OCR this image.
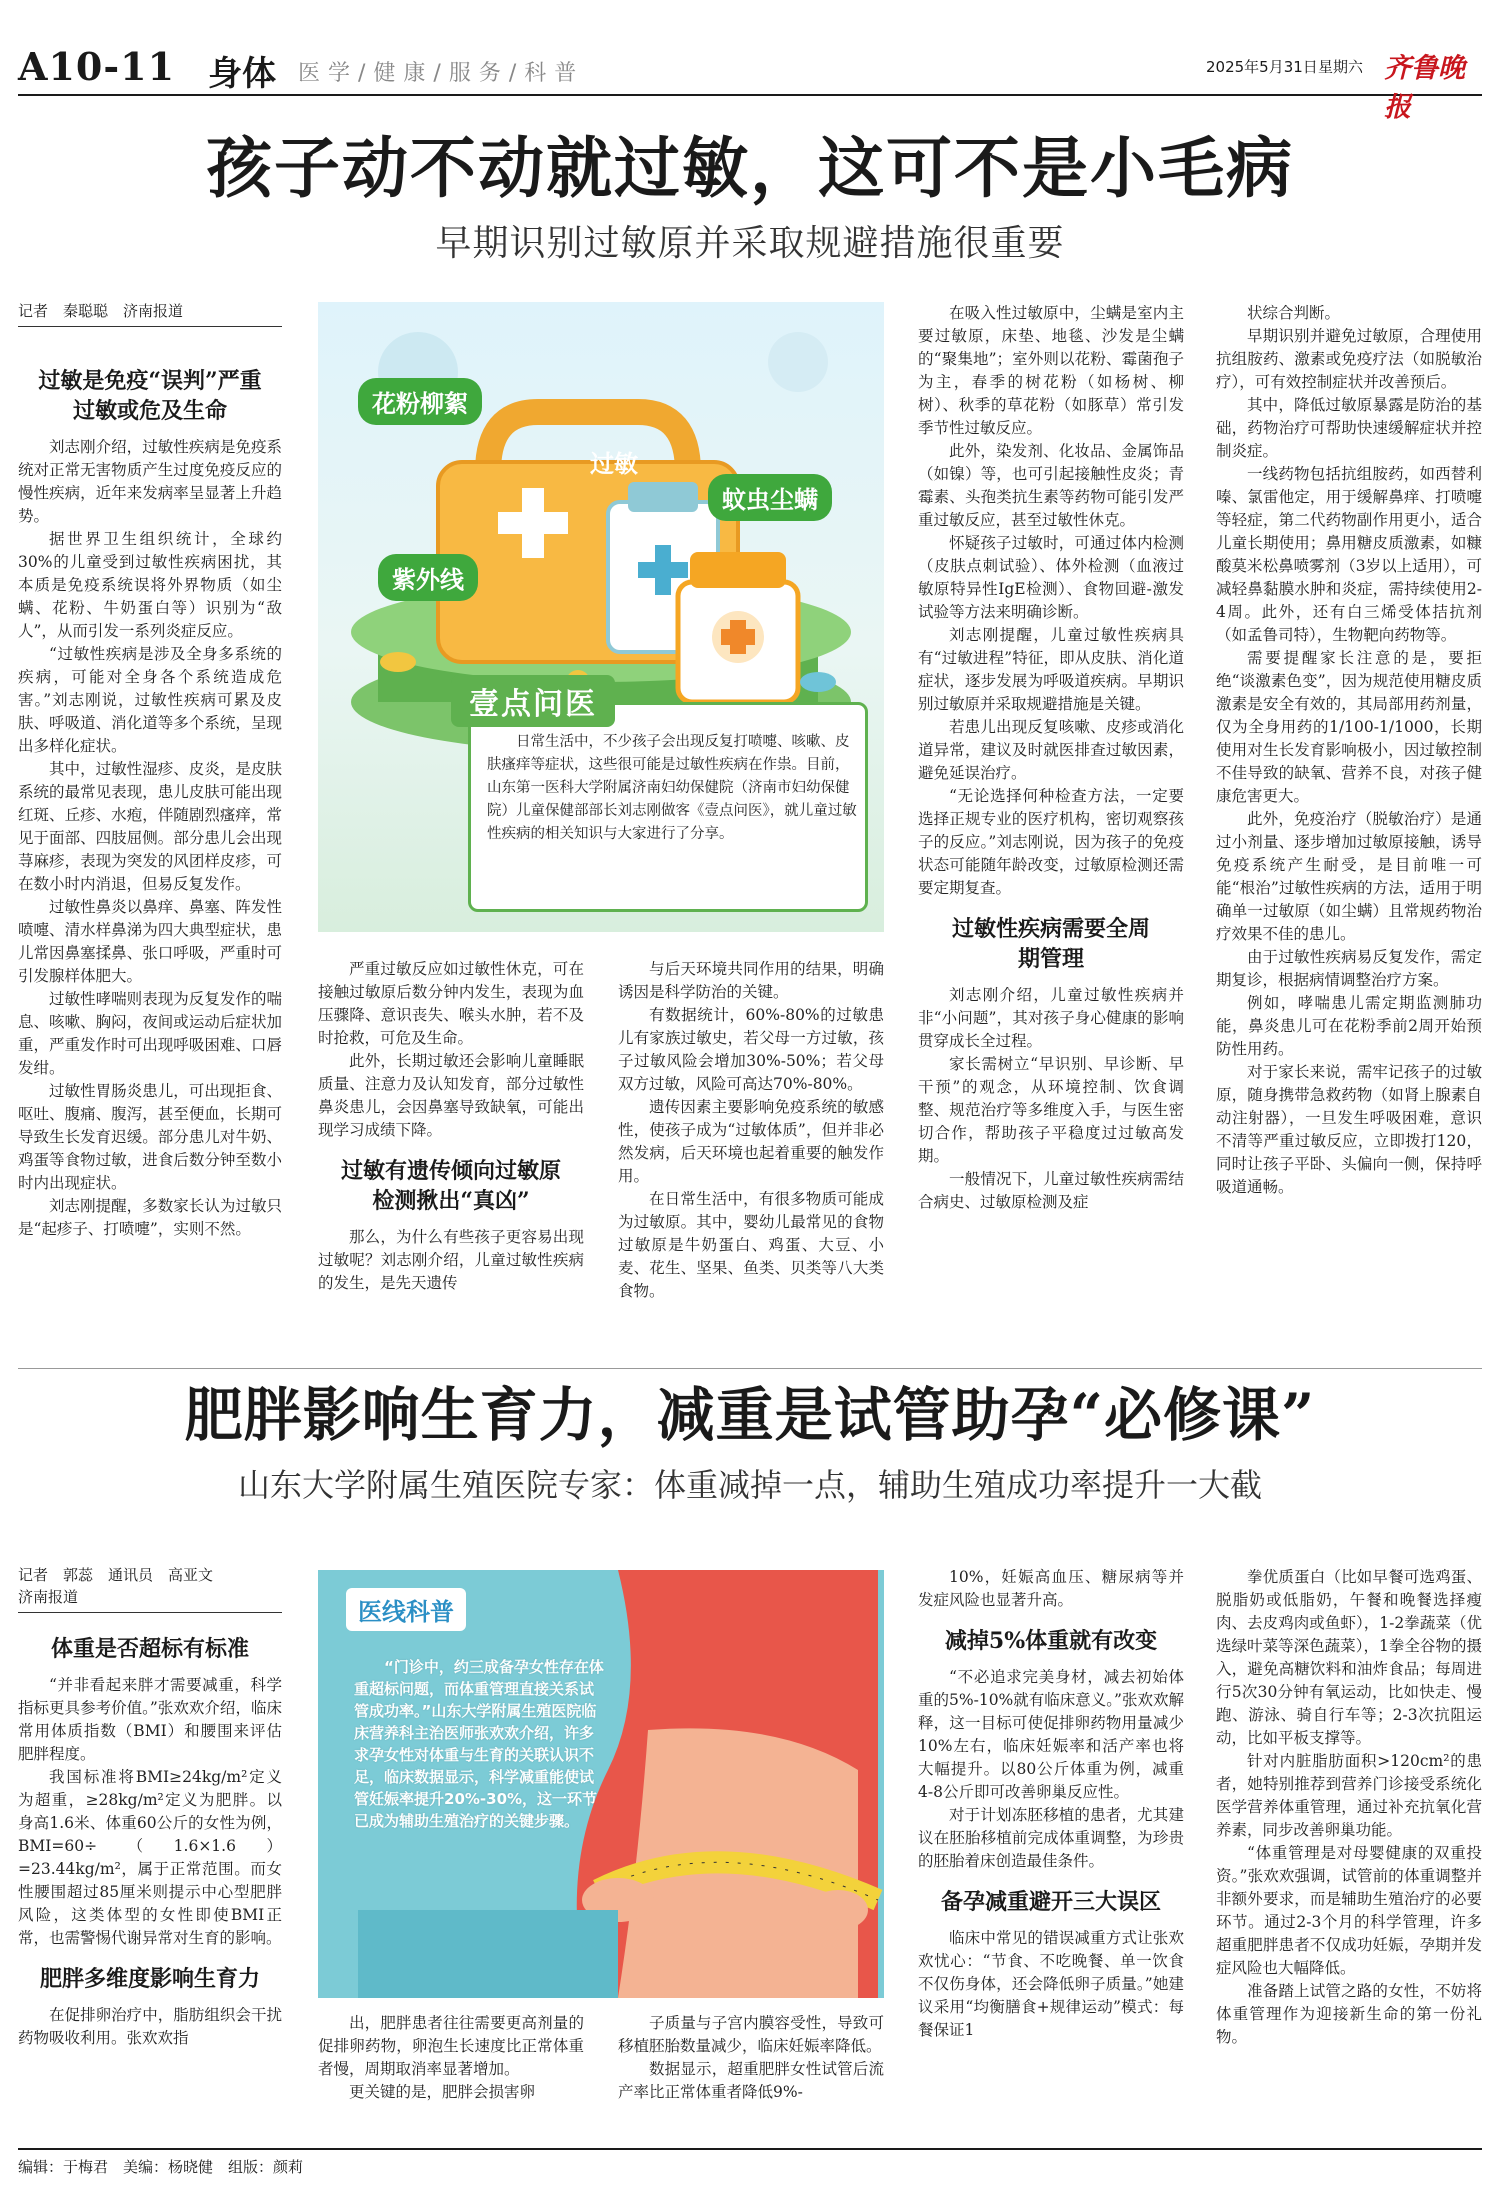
A10-11 身体 医学/健康/服务/科普	2025年5月31日 星期六 齐鲁晚报
孩子动不动就过敏，这可不是小毛病
早期识别过敏原并采取规避措施很重要
记者　秦聪聪　济南报道
过敏是免疫“误判”严重过敏或危及生命

刘志刚介绍，过敏性疾病是免疫系统对正常无害物质产生过度免疫反应的慢性疾病，近年来发病率呈显著上升趋势。

据世界卫生组织统计，全球约30%的儿童受到过敏性疾病困扰，其本质是免疫系统误将外界物质（如尘螨、花粉、牛奶蛋白等）识别为“敌人”，从而引发一系列炎症反应。

“过敏性疾病是涉及全身多系统的疾病，可能对全身各个系统造成危害。”刘志刚说，过敏性疾病可累及皮肤、呼吸道、消化道等多个系统，呈现出多样化症状。

其中，过敏性湿疹、皮炎，是皮肤系统的最常见表现，患儿皮肤可能出现红斑、丘疹、水疱，伴随剧烈瘙痒，常见于面部、四肢屈侧。部分患儿会出现荨麻疹，表现为突发的风团样皮疹，可在数小时内消退，但易反复发作。

过敏性鼻炎以鼻痒、鼻塞、阵发性喷嚏、清水样鼻涕为四大典型症状，患儿常因鼻塞揉鼻、张口呼吸，严重时可引发腺样体肥大。

过敏性哮喘则表现为反复发作的喘息、咳嗽、胸闷，夜间或运动后症状加重，严重发作时可出现呼吸困难、口唇发绀。

过敏性胃肠炎患儿，可出现拒食、呕吐、腹痛、腹泻，甚至便血，长期可导致生长发育迟缓。部分患儿对牛奶、鸡蛋等食物过敏，进食后数分钟至数小时内出现症状。

刘志刚提醒，多数家长认为过敏只是“起疹子、打喷嚏”，实则不然。

花粉柳絮
过敏
蚊虫尘螨
紫外线
壹点问医
日常生活中，不少孩子会出现反复打喷嚏、咳嗽、皮肤瘙痒等症状，这些很可能是过敏性疾病在作祟。目前，山东第一医科大学附属济南妇幼保健院（济南市妇幼保健院）儿童保健部部长刘志刚做客《壹点问医》，就儿童过敏性疾病的相关知识与大家进行了分享。

严重过敏反应如过敏性休克，可在接触过敏原后数分钟内发生，表现为血压骤降、意识丧失、喉头水肿，若不及时抢救，可危及生命。

此外，长期过敏还会影响儿童睡眠质量、注意力及认知发育，部分过敏性鼻炎患儿，会因鼻塞导致缺氧，可能出现学习成绩下降。

过敏有遗传倾向过敏原检测揪出“真凶”

那么，为什么有些孩子更容易出现过敏呢？刘志刚介绍，儿童过敏性疾病的发生，是先天遗传

与后天环境共同作用的结果，明确诱因是科学防治的关键。

有数据统计，60%-80%的过敏患儿有家族过敏史，若父母一方过敏，孩子过敏风险会增加30%-50%；若父母双方过敏，风险可高达70%-80%。

遗传因素主要影响免疫系统的敏感性，使孩子成为“过敏体质”，但并非必然发病，后天环境也起着重要的触发作用。

在日常生活中，有很多物质可能成为过敏原。其中，婴幼儿最常见的食物过敏原是牛奶蛋白、鸡蛋、大豆、小麦、花生、坚果、鱼类、贝类等八大类食物。

在吸入性过敏原中，尘螨是室内主要过敏原，床垫、地毯、沙发是尘螨的“聚集地”；室外则以花粉、霉菌孢子为主，春季的树花粉（如杨树、柳树）、秋季的草花粉（如豚草）常引发季节性过敏反应。

此外，染发剂、化妆品、金属饰品（如镍）等，也可引起接触性皮炎；青霉素、头孢类抗生素等药物可能引发严重过敏反应，甚至过敏性休克。

怀疑孩子过敏时，可通过体内检测（皮肤点刺试验）、体外检测（血液过敏原特异性IgE检测）、食物回避-激发试验等方法来明确诊断。

刘志刚提醒，儿童过敏性疾病具有“过敏进程”特征，即从皮肤、消化道症状，逐步发展为呼吸道疾病。早期识别过敏原并采取规避措施是关键。

若患儿出现反复咳嗽、皮疹或消化道异常，建议及时就医排查过敏因素，避免延误治疗。

“无论选择何种检查方法，一定要选择正规专业的医疗机构，密切观察孩子的反应。”刘志刚说，因为孩子的免疫状态可能随年龄改变，过敏原检测还需要定期复查。

过敏性疾病需要全周期管理

刘志刚介绍，儿童过敏性疾病并非“小问题”，其对孩子身心健康的影响贯穿成长全过程。

家长需树立“早识别、早诊断、早干预”的观念，从环境控制、饮食调整、规范治疗等多维度入手，与医生密切合作，帮助孩子平稳度过过敏高发期。

一般情况下，儿童过敏性疾病需结合病史、过敏原检测及症

状综合判断。

早期识别并避免过敏原，合理使用抗组胺药、激素或免疫疗法（如脱敏治疗），可有效控制症状并改善预后。

其中，降低过敏原暴露是防治的基础，药物治疗可帮助快速缓解症状并控制炎症。

一线药物包括抗组胺药，如西替利嗪、氯雷他定，用于缓解鼻痒、打喷嚏等轻症，第二代药物副作用更小，适合儿童长期使用；鼻用糖皮质激素，如糠酸莫米松鼻喷雾剂（3岁以上适用），可减轻鼻黏膜水肿和炎症，需持续使用2-4周。此外，还有白三烯受体拮抗剂（如孟鲁司特），生物靶向药物等。

需要提醒家长注意的是，要拒绝“谈激素色变”，因为规范使用糖皮质激素是安全有效的，其局部用药剂量，仅为全身用药的1/100-1/1000，长期使用对生长发育影响极小，因过敏控制不佳导致的缺氧、营养不良，对孩子健康危害更大。

此外，免疫治疗（脱敏治疗）是通过小剂量、逐步增加过敏原接触，诱导免疫系统产生耐受，是目前唯一可能“根治”过敏性疾病的方法，适用于明确单一过敏原（如尘螨）且常规药物治疗效果不佳的患儿。

由于过敏性疾病易反复发作，需定期复诊，根据病情调整治疗方案。

例如，哮喘患儿需定期监测肺功能，鼻炎患儿可在花粉季前2周开始预防性用药。

对于家长来说，需牢记孩子的过敏原，随身携带急救药物（如肾上腺素自动注射器），一旦发生呼吸困难，意识不清等严重过敏反应，立即拨打120，同时让孩子平卧、头偏向一侧，保持呼吸道通畅。

肥胖影响生育力，减重是试管助孕“必修课”
山东大学附属生殖医院专家：体重减掉一点，辅助生殖成功率提升一大截
记者　郭蕊　通讯员　高亚文
济南报道
体重是否超标有标准

“并非看起来胖才需要减重，科学指标更具参考价值。”张欢欢介绍，临床常用体质指数（BMI）和腰围来评估肥胖程度。

我国标准将BMI≥24kg/m²定义为超重，≥28kg/m²定义为肥胖。以身高1.6米、体重60公斤的女性为例，BMI=60÷（1.6×1.6）=23.44kg/m²，属于正常范围。而女性腰围超过85厘米则提示中心型肥胖风险，这类体型的女性即使BMI正常，也需警惕代谢异常对生育的影响。

肥胖多维度影响生育力

在促排卵治疗中，脂肪组织会干扰药物吸收利用。张欢欢指

医线科普
“门诊中，约三成备孕女性存在体重超标问题，而体重管理直接关系试管成功率。”山东大学附属生殖医院临床营养科主治医师张欢欢介绍，许多求孕女性对体重与生育的关联认识不足，临床数据显示，科学减重能使试管妊娠率提升20%-30%，这一环节已成为辅助生殖治疗的关键步骤。

出，肥胖患者往往需要更高剂量的促排卵药物，卵泡生长速度比正常体重者慢，周期取消率显著增加。

更关键的是，肥胖会损害卵

子质量与子宫内膜容受性，导致可移植胚胎数量减少，临床妊娠率降低。

数据显示，超重肥胖女性试管后流产率比正常体重者降低9%-

10%，妊娠高血压、糖尿病等并发症风险也显著升高。

减掉5%体重就有改变

“不必追求完美身材，减去初始体重的5%-10%就有临床意义。”张欢欢解释，这一目标可使促排卵药物用量减少10%左右，临床妊娠率和活产率也将大幅提升。以80公斤体重为例，减重4-8公斤即可改善卵巢反应性。

对于计划冻胚移植的患者，尤其建议在胚胎移植前完成体重调整，为珍贵的胚胎着床创造最佳条件。

备孕减重避开三大误区

临床中常见的错误减重方式让张欢欢忧心：“节食、不吃晚餐、单一饮食不仅伤身体，还会降低卵子质量。”她建议采用“均衡膳食+规律运动”模式：每餐保证1

拳优质蛋白（比如早餐可选鸡蛋、脱脂奶或低脂奶，午餐和晚餐选择瘦肉、去皮鸡肉或鱼虾），1-2拳蔬菜（优选绿叶菜等深色蔬菜），1拳全谷物的摄入，避免高糖饮料和油炸食品；每周进行5次30分钟有氧运动，比如快走、慢跑、游泳、骑自行车等；2-3次抗阻运动，比如平板支撑等。

针对内脏脂肪面积>120cm²的患者，她特别推荐到营养门诊接受系统化医学营养体重管理，通过补充抗氧化营养素，同步改善卵巢功能。

“体重管理是对母婴健康的双重投资。”张欢欢强调，试管前的体重调整并非额外要求，而是辅助生殖治疗的必要环节。通过2-3个月的科学管理，许多超重肥胖患者不仅成功妊娠，孕期并发症风险也大幅降低。

准备踏上试管之路的女性，不妨将体重管理作为迎接新生命的第一份礼物。

编辑：于梅君　美编：杨晓健　组版：颜莉
